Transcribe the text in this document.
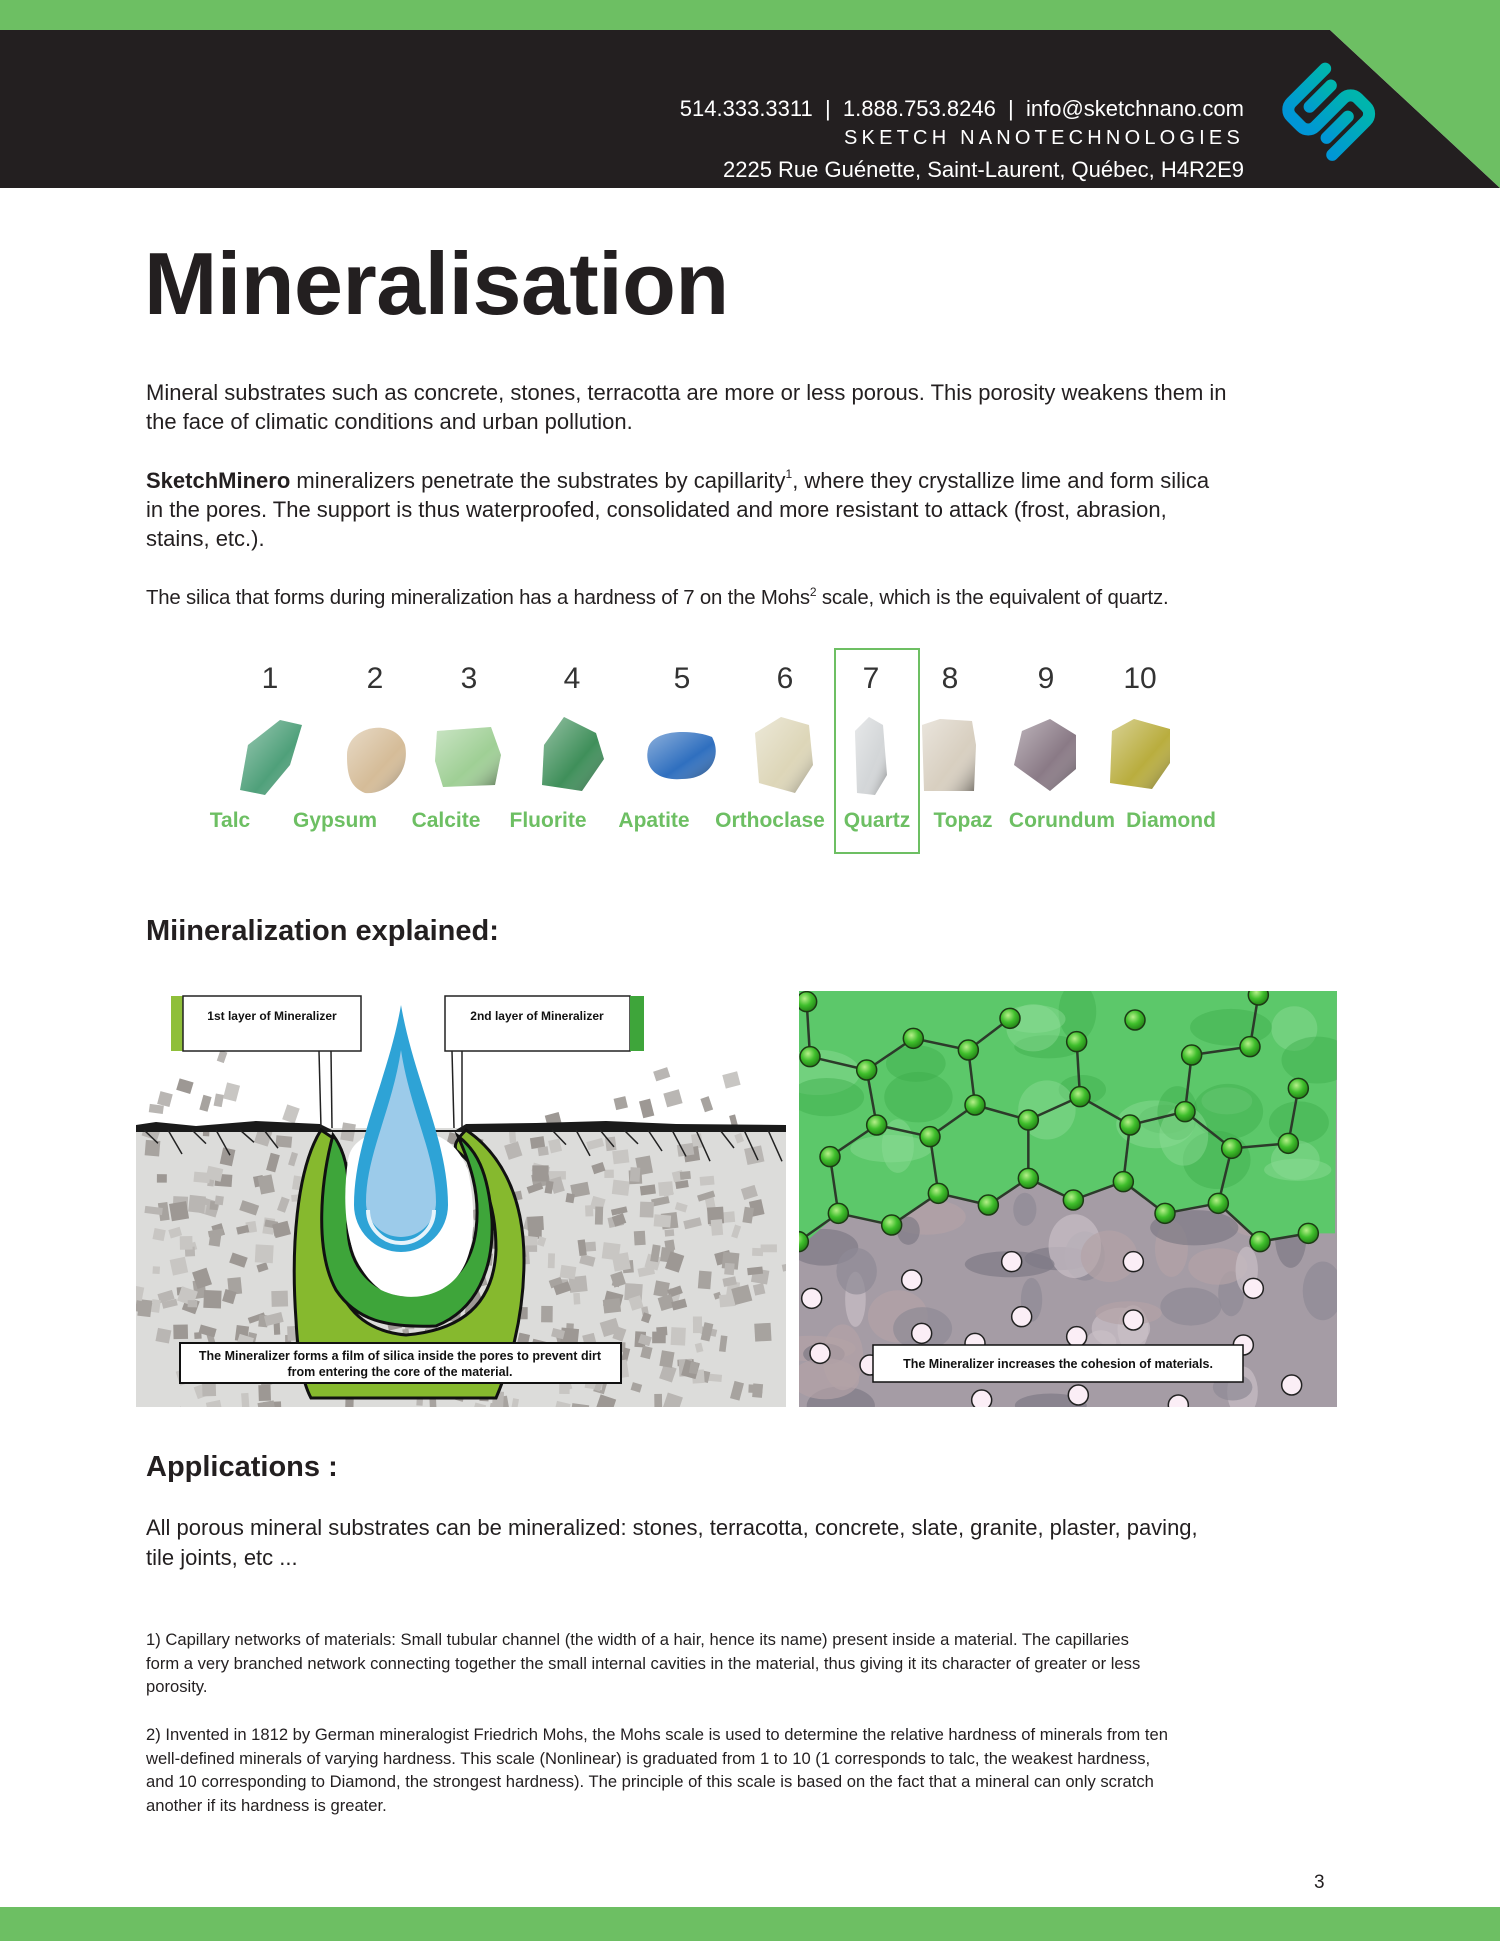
514.333.3311  |  1.888.753.8246  |  info@sketchnano.com
SKETCH NANOTECHNOLOGIES
2225 Rue Guénette, Saint-Laurent, Québec, H4R2E9
Mineralisation
Mineral substrates such as concrete, stones, terracotta are more or less porous. This porosity weakens them in
the face of climatic conditions and urban pollution.
SketchMinero mineralizers penetrate the substrates by capillarity$^1$, where they crystallize lime and form silica
in the pores. The support is thus waterproofed, consolidated and more resistant to attack (frost, abrasion,
stains, etc.).
The silica that forms during mineralization has a hardness of 7 on the Mohs$^2$ scale, which is the equivalent of quartz.
1
Talc
2
Gypsum
3
Calcite
4
Fluorite
5
Apatite
6
Orthoclase
7
Quartz
8
Topaz
9
Corundum
10
Diamond
Miineralization explained:
1st layer of Mineralizer	2nd layer of Mineralizer
The Mineralizer forms a film of silica inside the pores to prevent dirt
from entering the core of the material.
The Mineralizer increases the cohesion of materials.
Applications :
All porous mineral substrates can be mineralized: stones, terracotta, concrete, slate, granite, plaster, paving,
tile joints, etc ...
1) Capillary networks of materials: Small tubular channel (the width of a hair, hence its name) present inside a material. The capillaries
form a very branched network connecting together the small internal cavities in the material, thus giving it its character of greater or less
porosity.
2) Invented in 1812 by German mineralogist Friedrich Mohs, the Mohs scale is used to determine the relative hardness of minerals from ten
well-defined minerals of varying hardness. This scale (Nonlinear) is graduated from 1 to 10 (1 corresponds to talc, the weakest hardness,
and 10 corresponding to Diamond, the strongest hardness). The principle of this scale is based on the fact that a mineral can only scratch
another if its hardness is greater.
3
